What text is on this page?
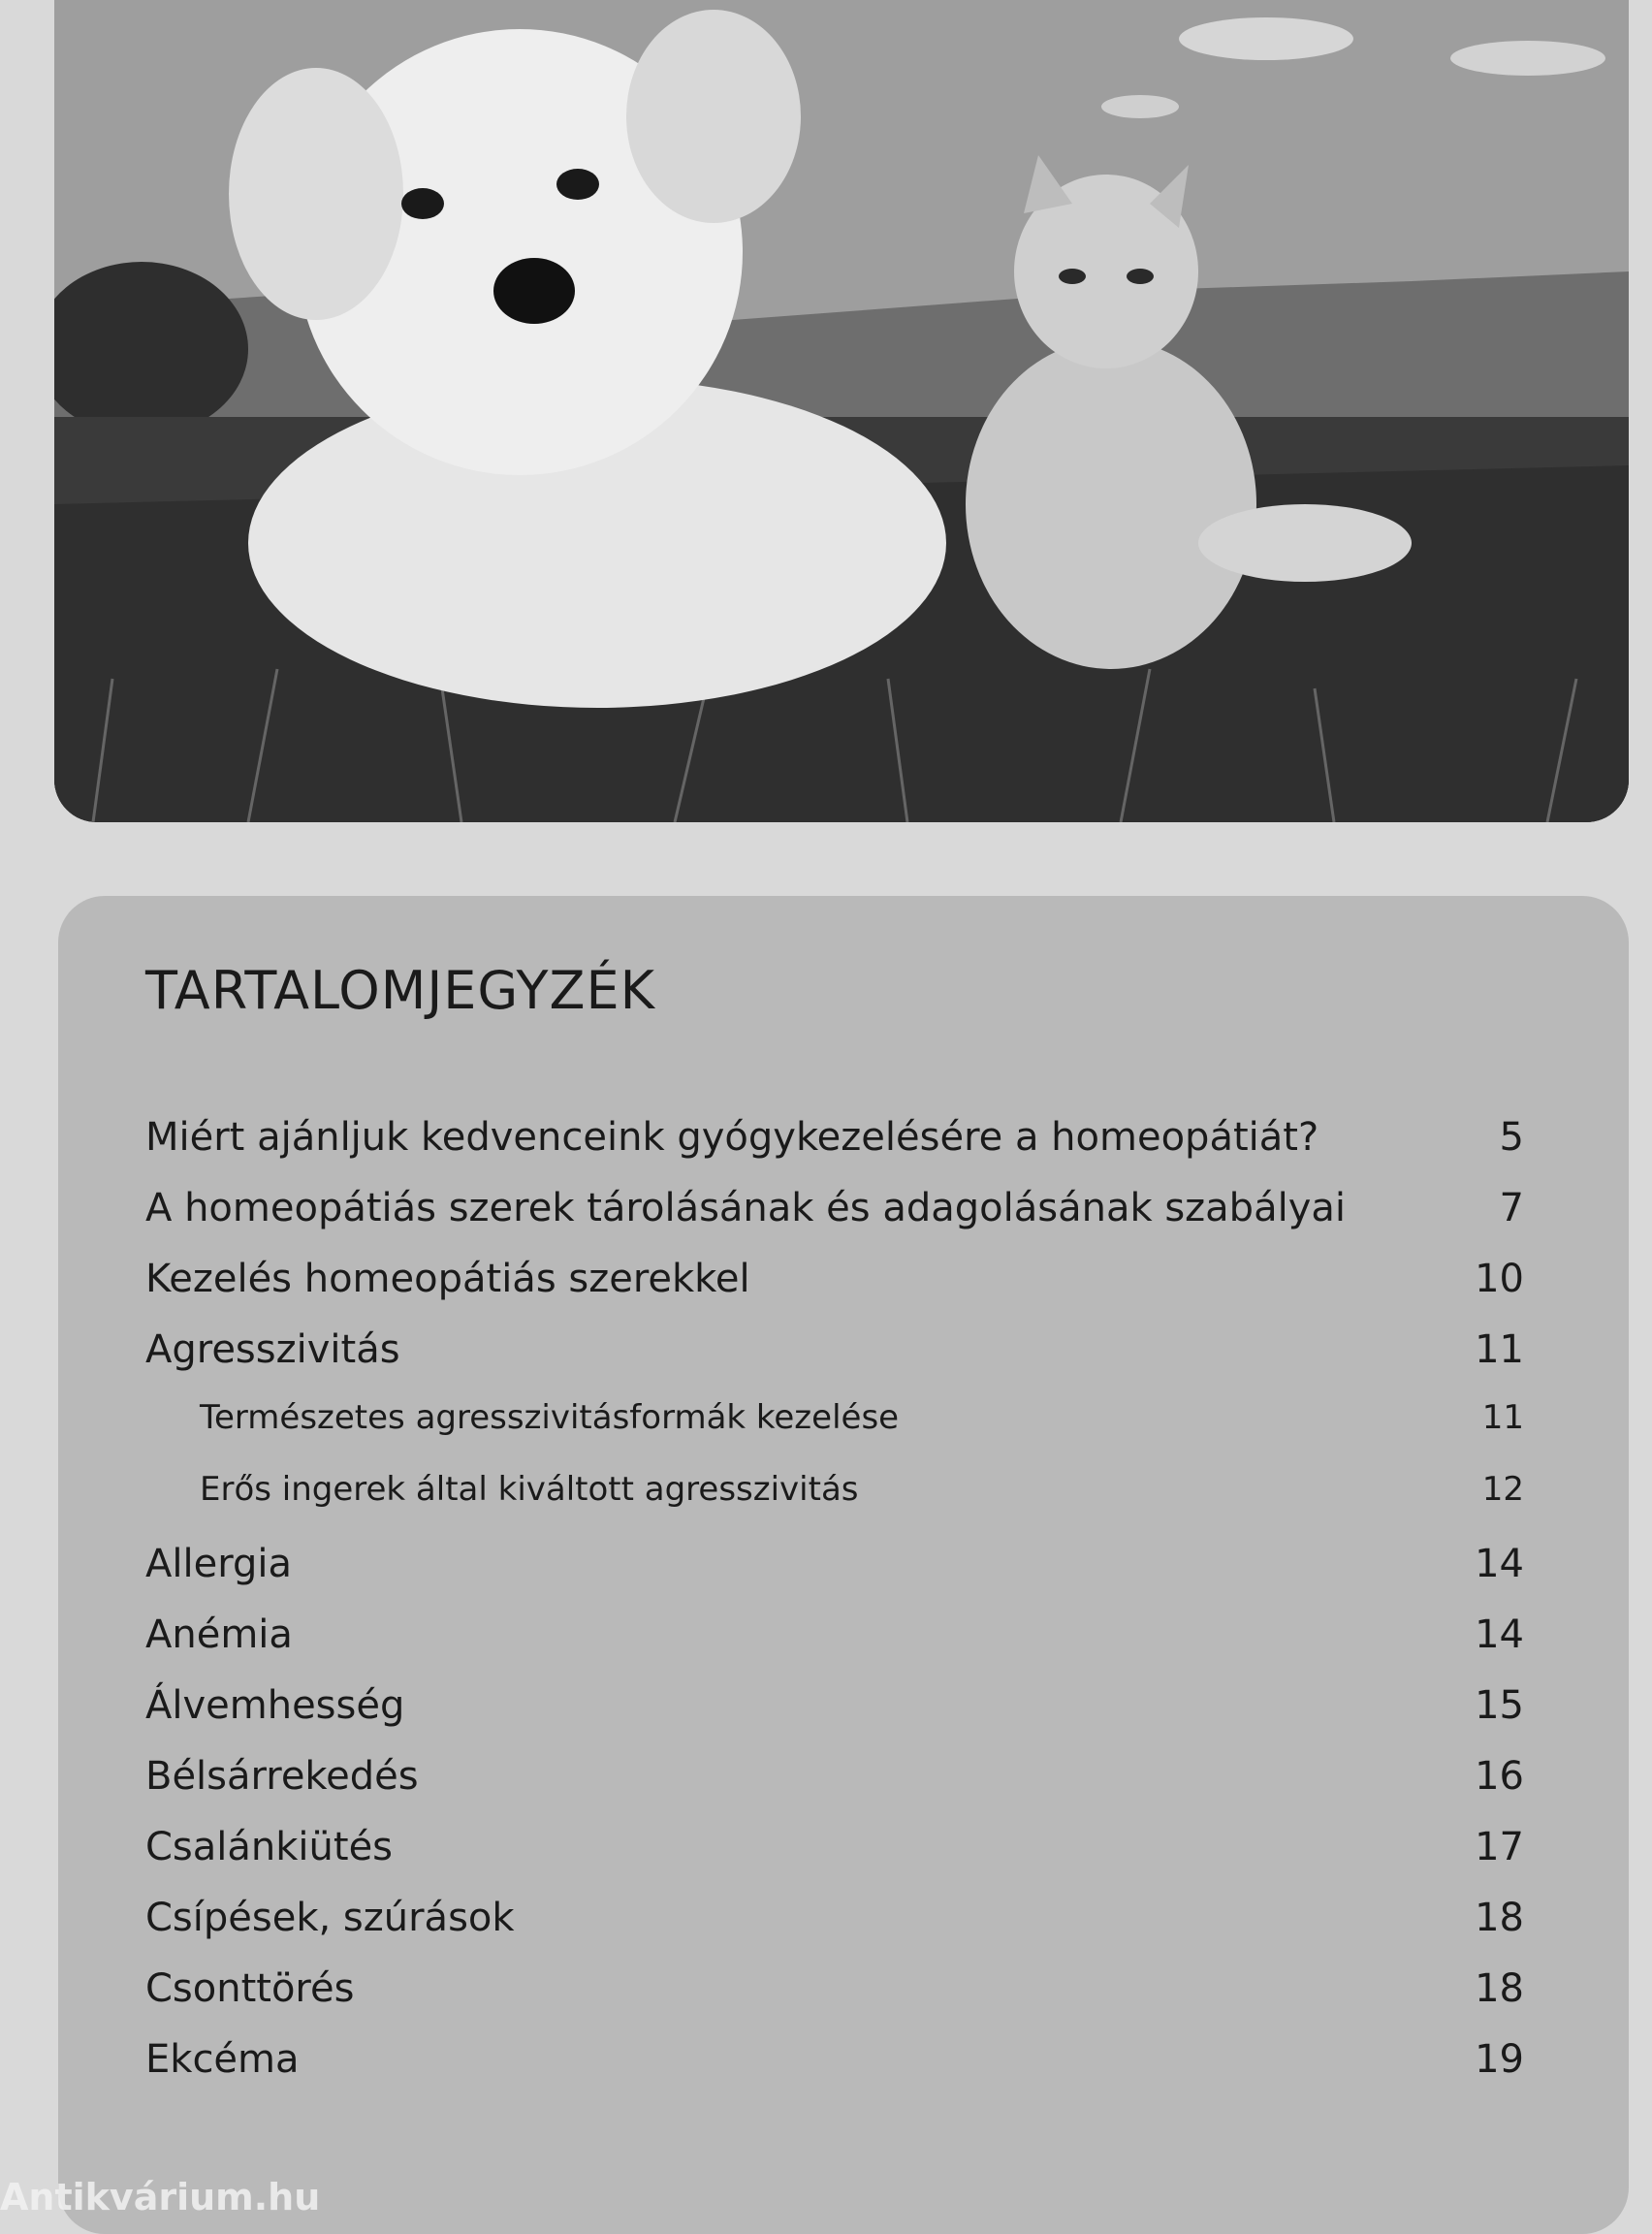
TARTALOMJEGYZÉK
Miért ajánljuk kedvenceink gyógykezelésére a homeopátiát?	5
A homeopátiás szerek tárolásának és adagolásának szabályai	7
Kezelés homeopátiás szerekkel	10
Agresszivitás	11
Természetes agresszivitásformák kezelése	11
Erős ingerek által kiváltott agresszivitás	12
Allergia	14
Anémia	14
Álvemhesség	15
Bélsárrekedés	16
Csalánkiütés	17
Csípések, szúrások	18
Csonttörés	18
Ekcéma	19
Antikvárium.hu
